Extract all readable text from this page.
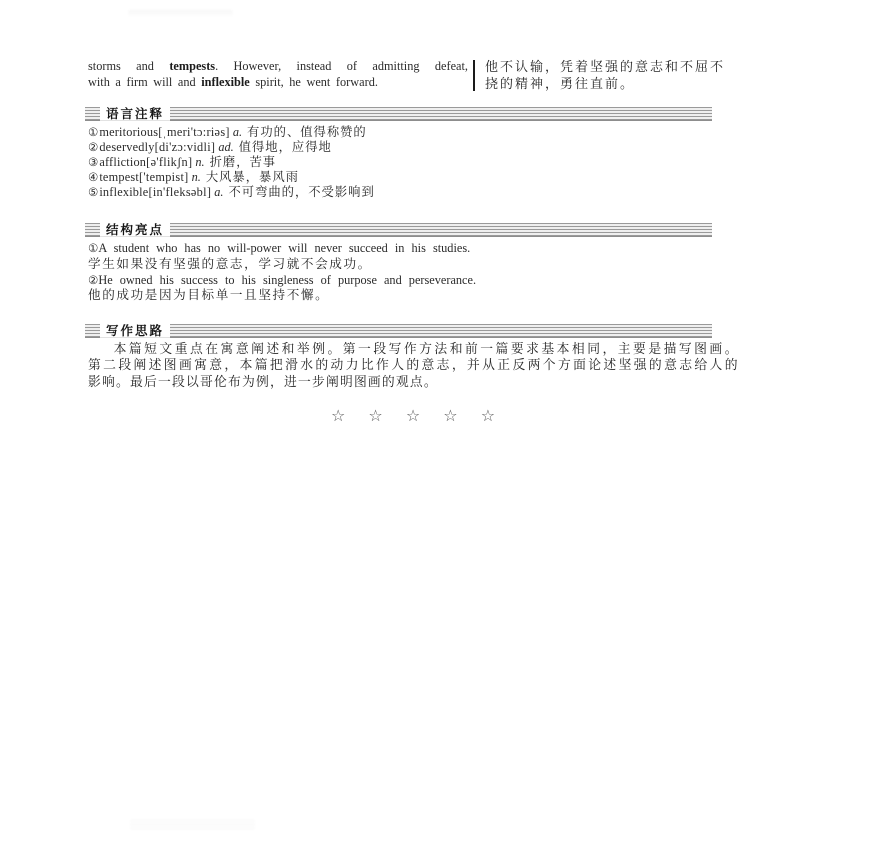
storms and tempests. However, instead of admitting defeat,
with a firm will and inflexible spirit, he went forward.
他不认输，凭着坚强的意志和不屈不
挠的精神，勇往直前。
语言注释
①meritorious[ˌmeri'tɔ:riəs] a. 有功的、值得称赞的
②deservedly[di'zɔ:vidli] ad. 值得地，应得地
③affliction[ə'flikʃn] n. 折磨，苦事
④tempest['tempist] n. 大风暴，暴风雨
⑤inflexible[in'fleksəbl] a. 不可弯曲的，不受影响到
结构亮点
①A student who has no will-power will never succeed in his studies.
学生如果没有坚强的意志，学习就不会成功。
②He owned his success to his singleness of purpose and perseverance.
他的成功是因为目标单一且坚持不懈。
写作思路
本篇短文重点在寓意阐述和举例。第一段写作方法和前一篇要求基本相同，主要是描写图画。
第二段阐述图画寓意，本篇把滑水的动力比作人的意志，并从正反两个方面论述坚强的意志给人的
影响。最后一段以哥伦布为例，进一步阐明图画的观点。
☆ ☆ ☆ ☆ ☆
